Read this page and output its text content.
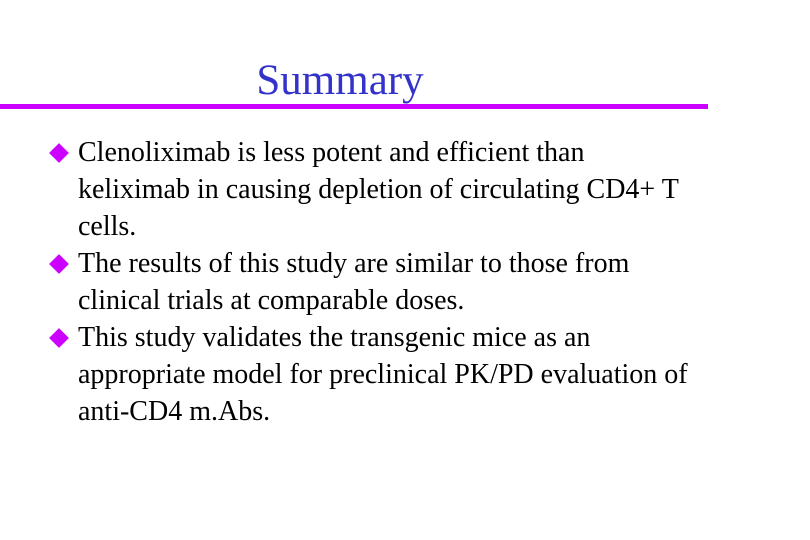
Summary
Clenoliximab is less potent and efficient than keliximab in causing depletion of circulating CD4+ T cells.
The results of this study are similar to those from clinical trials at comparable doses.
This study validates the transgenic mice as an appropriate model for preclinical PK/PD evaluation of anti-CD4 m.Abs.
